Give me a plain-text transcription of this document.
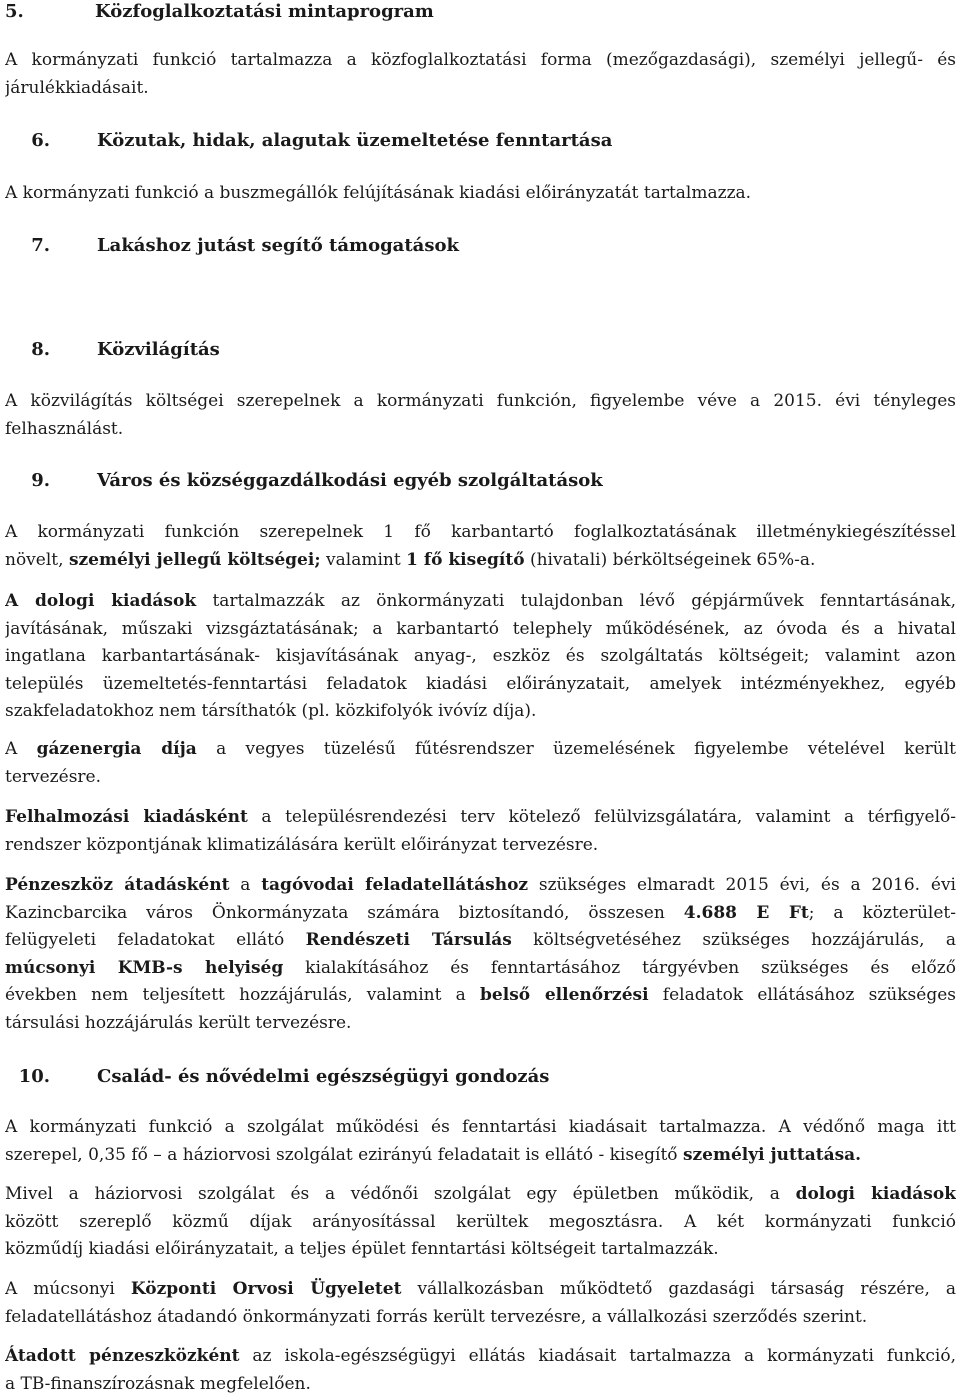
5.	Közfoglalkoztatási mintaprogram
A kormányzati funkció tartalmazza a közfoglalkoztatási forma (mezőgazdasági), személyi jellegű- és
járulékkiadásait.
6.	Közutak, hidak, alagutak üzemeltetése fenntartása
A kormányzati funkció a buszmegállók felújításának kiadási előirányzatát tartalmazza.
7.	Lakáshoz jutást segítő támogatások
8.	Közvilágítás
A közvilágítás költségei szerepelnek a kormányzati funkción, figyelembe véve a 2015. évi tényleges
felhasználást.
9.	Város és községgazdálkodási egyéb szolgáltatások
A kormányzati funkción szerepelnek 1 fő karbantartó foglalkoztatásának illetménykiegészítéssel
növelt, személyi jellegű költségei; valamint 1 fő kisegítő (hivatali) bérköltségeinek 65%-a.
A dologi kiadások tartalmazzák az önkormányzati tulajdonban lévő gépjárművek fenntartásának,
javításának, műszaki vizsgáztatásának; a karbantartó telephely működésének, az óvoda és a hivatal
ingatlana karbantartásának- kisjavításának anyag-, eszköz és szolgáltatás költségeit; valamint azon
település üzemeltetés-fenntartási feladatok kiadási előirányzatait, amelyek intézményekhez, egyéb
szakfeladatokhoz nem társíthatók (pl. közkifolyók ivóvíz díja).
A gázenergia díja a vegyes tüzelésű fűtésrendszer üzemelésének figyelembe vételével került
tervezésre.
Felhalmozási kiadásként a településrendezési terv kötelező felülvizsgálatára, valamint a térfigyelő-
rendszer központjának klimatizálására került előirányzat tervezésre.
Pénzeszköz átadásként a tagóvodai feladatellátáshoz szükséges elmaradt 2015 évi, és a 2016. évi
Kazincbarcika város Önkormányzata számára biztosítandó, összesen 4.688 E Ft; a közterület-
felügyeleti feladatokat ellátó Rendészeti Társulás költségvetéséhez szükséges hozzájárulás, a
múcsonyi KMB-s helyiség kialakításához és fenntartásához tárgyévben szükséges és előző
években nem teljesített hozzájárulás, valamint a belső ellenőrzési feladatok ellátásához szükséges
társulási hozzájárulás került tervezésre.
10.	Család- és nővédelmi egészségügyi gondozás
A kormányzati funkció a szolgálat működési és fenntartási kiadásait tartalmazza. A védőnő maga itt
szerepel, 0,35 fő – a háziorvosi szolgálat ezirányú feladatait is ellátó - kisegítő személyi juttatása.
Mivel a háziorvosi szolgálat és a védőnői szolgálat egy épületben működik, a dologi kiadások
között szereplő közmű díjak arányosítással kerültek megosztásra. A két kormányzati funkció
közműdíj kiadási előirányzatait, a teljes épület fenntartási költségeit tartalmazzák.
A múcsonyi Központi Orvosi Ügyeletet vállalkozásban működtető gazdasági társaság részére, a
feladatellátáshoz átadandó önkormányzati forrás került tervezésre, a vállalkozási szerződés szerint.
Átadott pénzeszközként az iskola-egészségügyi ellátás kiadásait tartalmazza a kormányzati funkció,
a TB-finanszírozásnak megfelelően.
